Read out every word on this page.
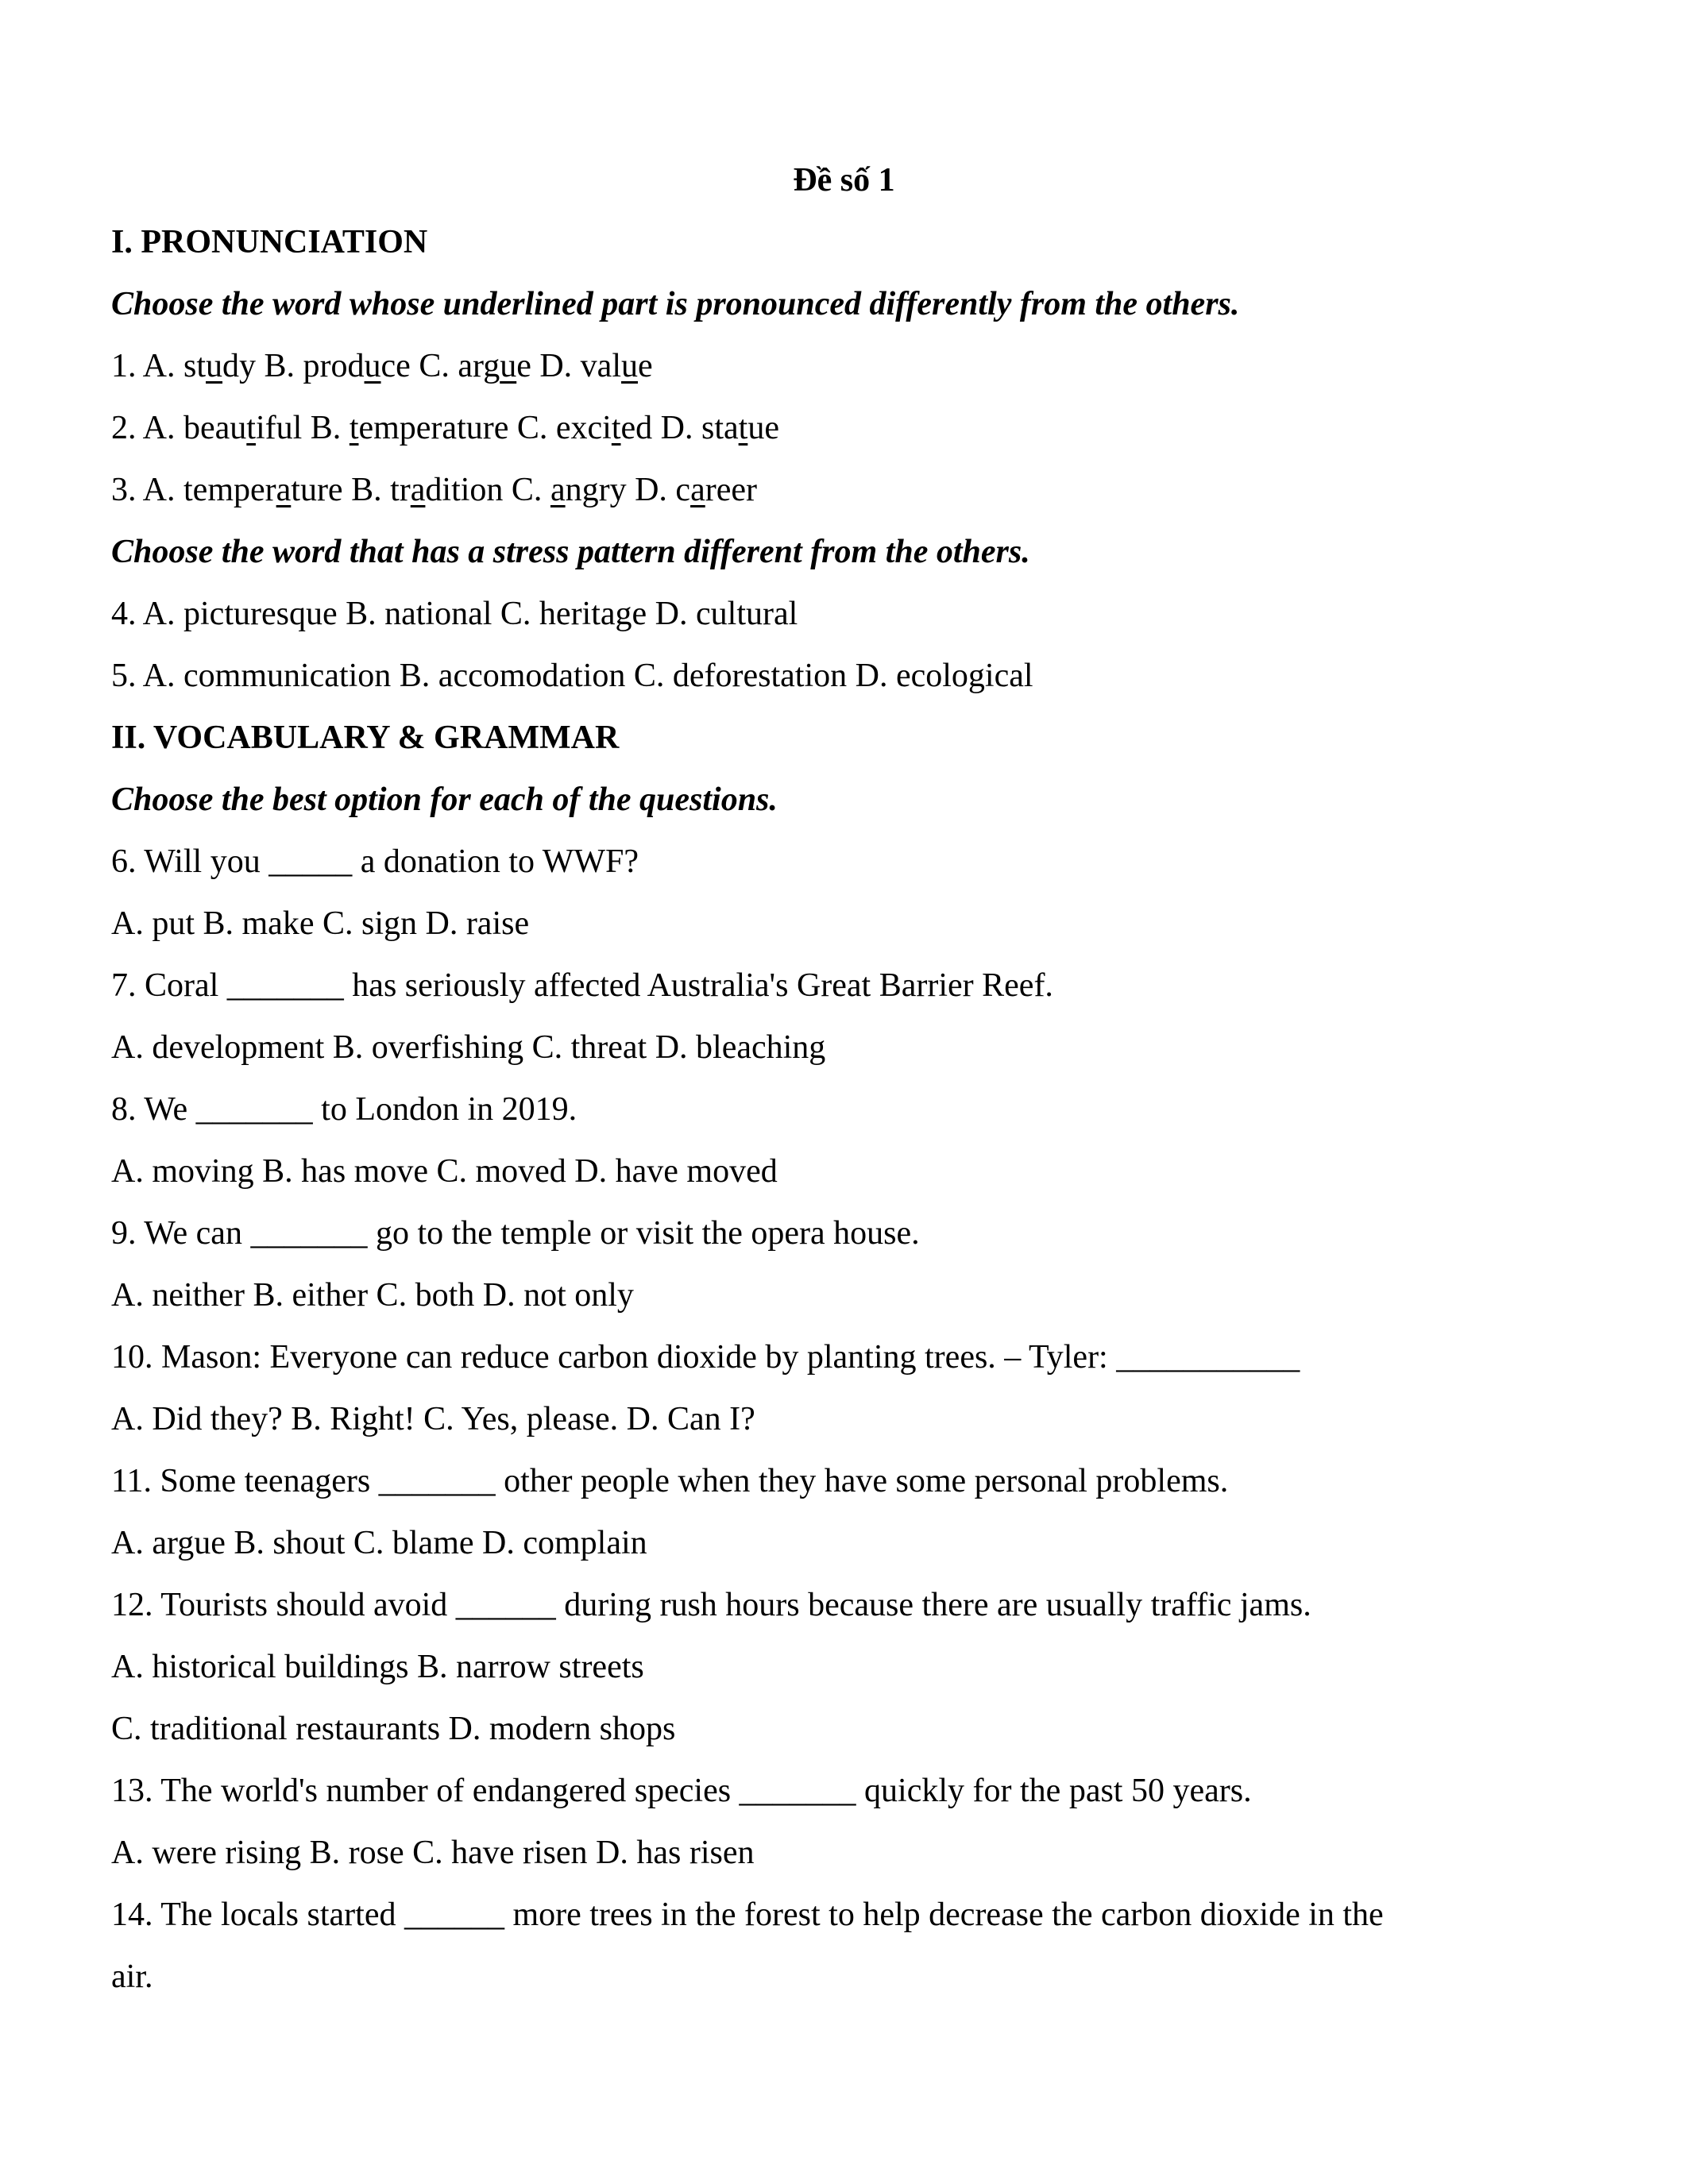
Đề số 1

I. PRONUNCIATION

Choose the word whose underlined part is pronounced differently from the others.

1. A. study B. produce C. argue D. value

2. A. beautiful B. temperature C. excited D. statue

3. A. temperature B. tradition C. angry D. career

Choose the word that has a stress pattern different from the others.

4. A. picturesque B. national C. heritage D. cultural

5. A. communication B. accomodation C. deforestation D. ecological

II. VOCABULARY & GRAMMAR

Choose the best option for each of the questions.

6. Will you _____ a donation to WWF?

A. put B. make C. sign D. raise

7. Coral _______ has seriously affected Australia's Great Barrier Reef.

A. development B. overfishing C. threat D. bleaching

8. We _______ to London in 2019.

A. moving B. has move C. moved D. have moved

9. We can _______ go to the temple or visit the opera house.

A. neither B. either C. both D. not only

10. Mason: Everyone can reduce carbon dioxide by planting trees. – Tyler: ___________

A. Did they? B. Right! C. Yes, please. D. Can I?

11. Some teenagers _______ other people when they have some personal problems.

A. argue B. shout C. blame D. complain

12. Tourists should avoid ______ during rush hours because there are usually traffic jams.

A. historical buildings B. narrow streets

C. traditional restaurants D. modern shops

13. The world's number of endangered species _______ quickly for the past 50 years.

A. were rising B. rose C. have risen D. has risen

14. The locals started ______ more trees in the forest to help decrease the carbon dioxide in the

air.
